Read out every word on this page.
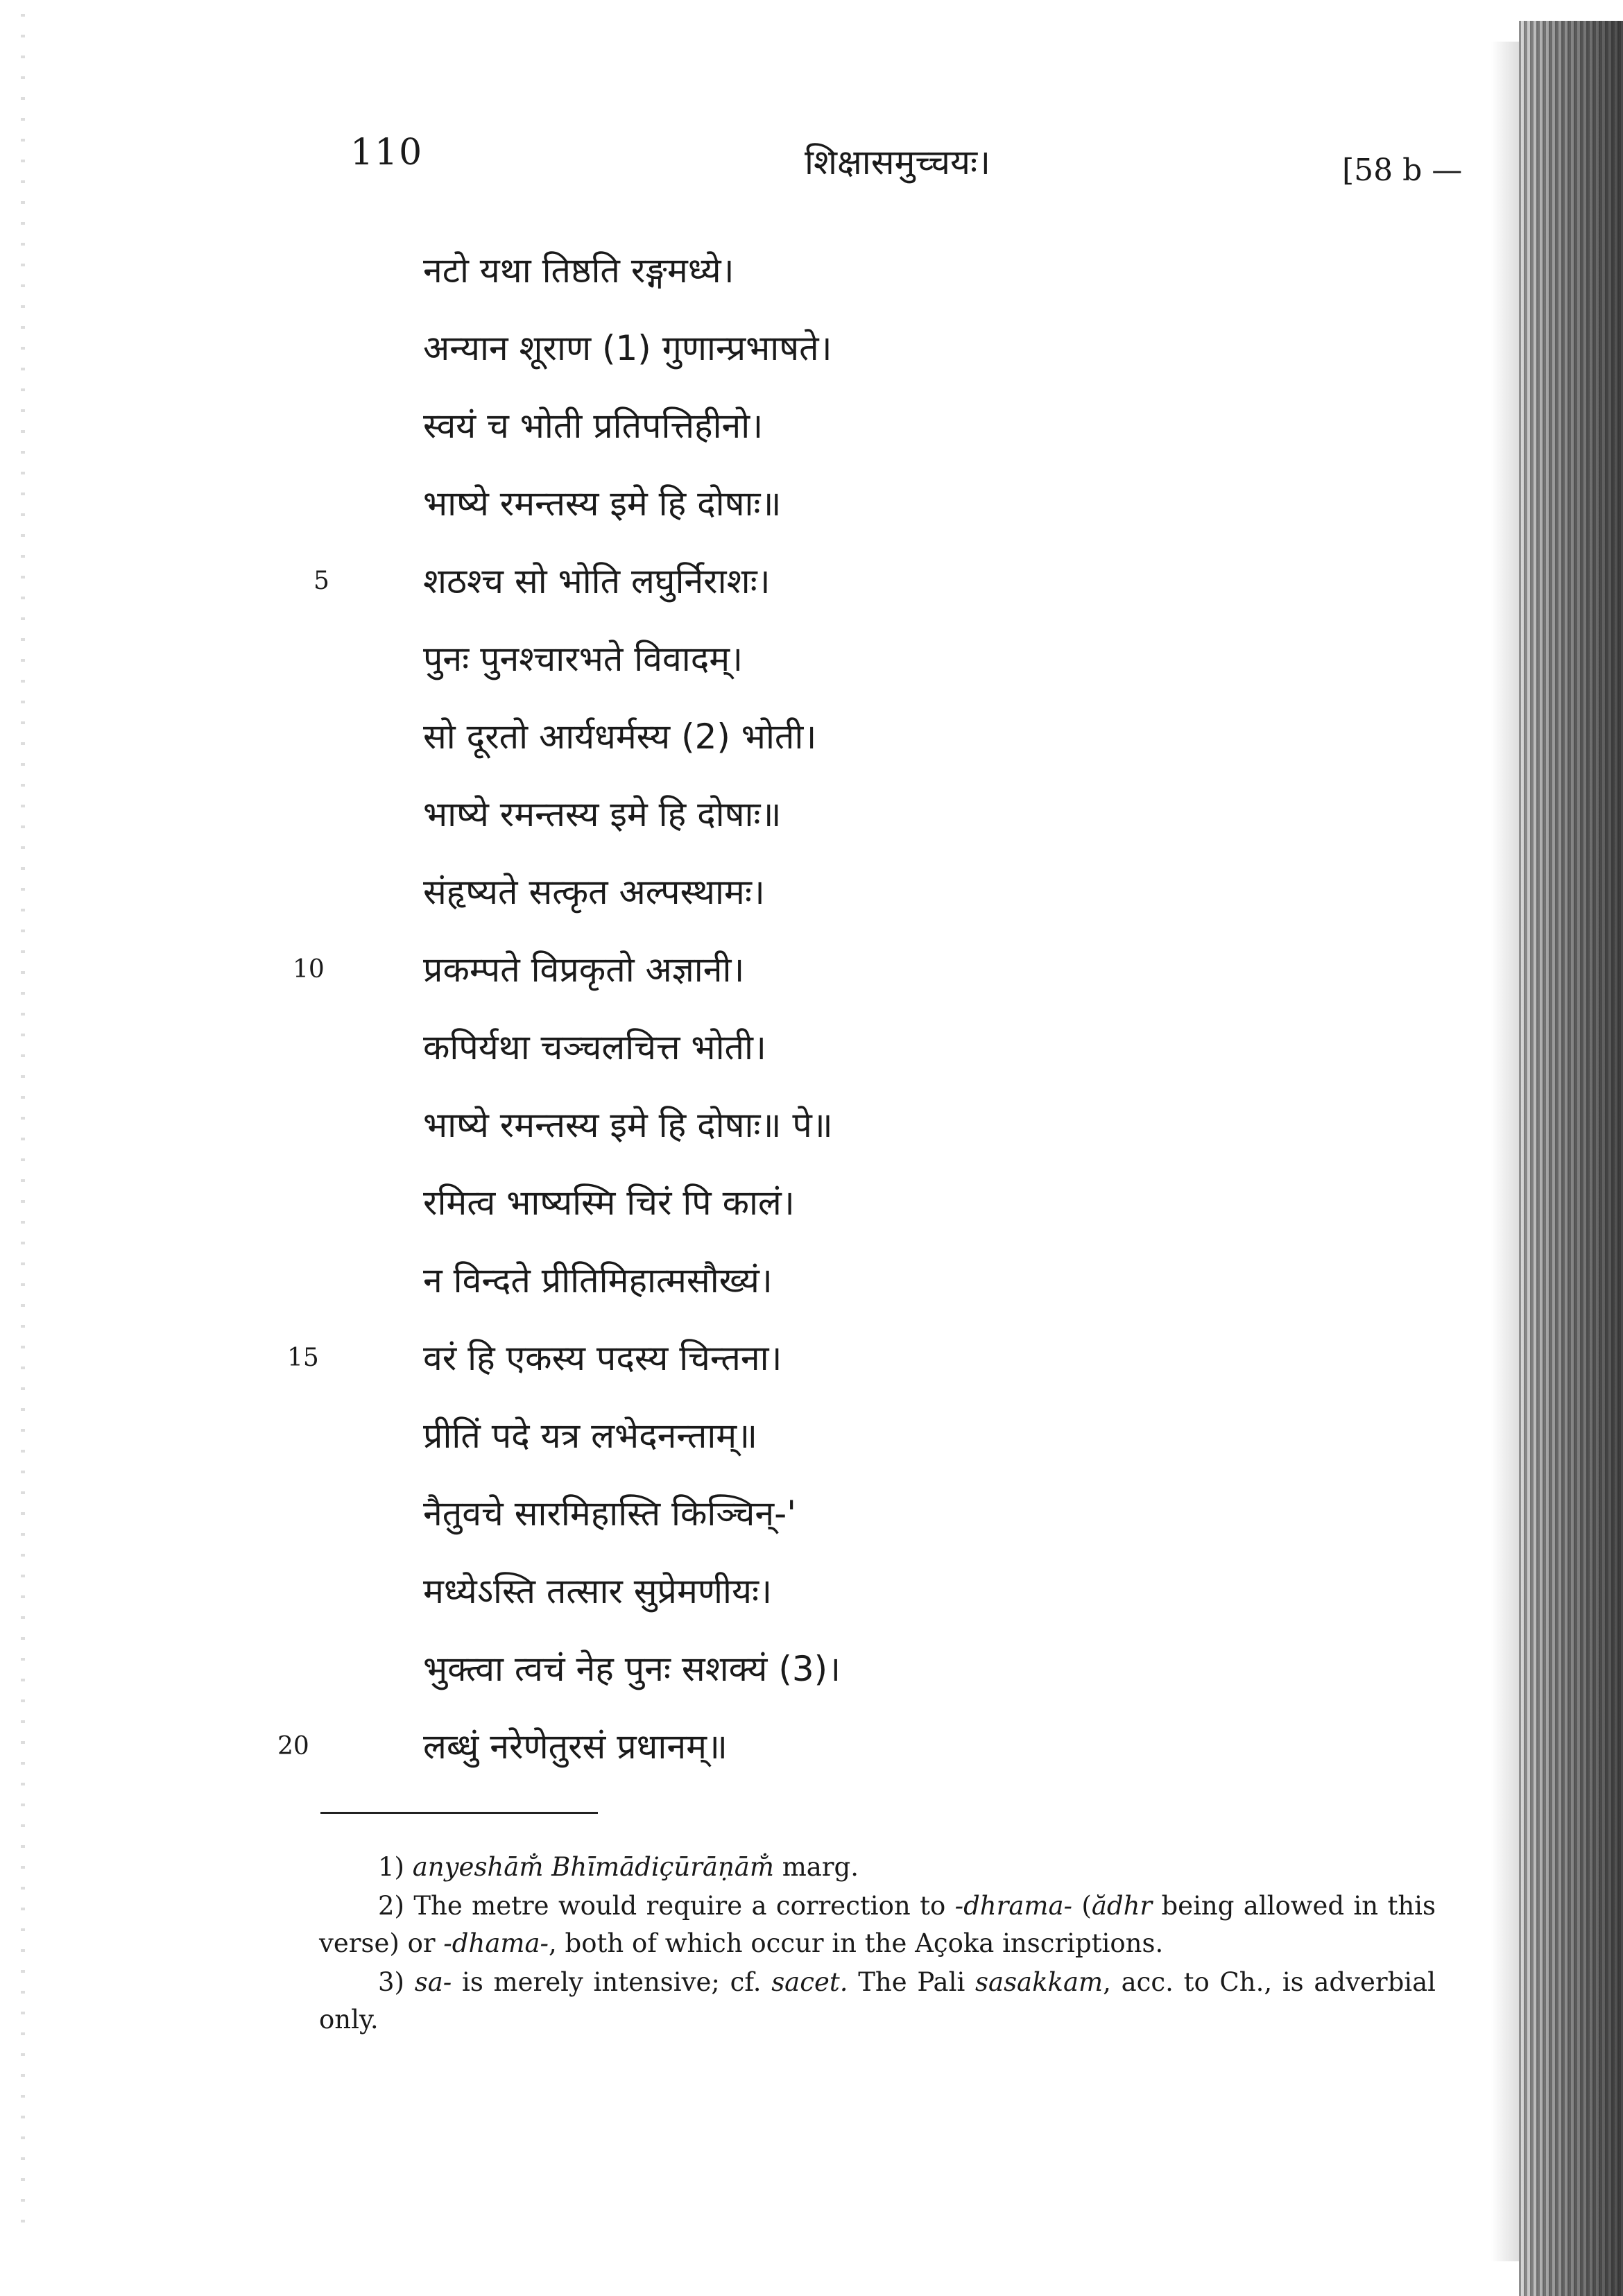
110	शिक्षासमुच्चयः।	[58 b —
नटो यथा तिष्ठति रङ्गमध्ये।
अन्यान शूराण (1) गुणान्प्रभाषते।
स्वयं च भोती प्रतिपत्तिहीनो।
भाष्ये रमन्तस्य इमे हि दोषाः॥
शठश्च सो भोति लघुर्निराशः।
पुनः पुनश्चारभते विवादम्।
सो दूरतो आर्यधर्मस्य (2) भोती।
भाष्ये रमन्तस्य इमे हि दोषाः॥
संहृष्यते सत्कृत अल्पस्थामः।
प्रकम्पते विप्रकृतो अज्ञानी।
कपिर्यथा चञ्चलचित्त भोती।
भाष्ये रमन्तस्य इमे हि दोषाः॥ पे॥
रमित्व भाष्यस्मि चिरं पि कालं।
न विन्दते प्रीतिमिहात्मसौख्यं।
वरं हि एकस्य पदस्य चिन्तना।
प्रीतिं पदे यत्र लभेदनन्ताम्॥
नैतुवचे सारमिहास्ति किञ्चिन्-'
मध्येऽस्ति तत्सार सुप्रेमणीयः।
भुक्त्वा त्वचं नेह पुनः सशक्यं (3)।
लब्धुं नरेणेतुरसं प्रधानम्॥
5
10
15
20

1) anyeshām̐ Bhīmādiçūrāṇām̐ marg.

2) The metre would require a correction to -dhrama- (ădhr being allowed in this verse) or -dhama-, both of which occur in the Açoka inscriptions.

3) sa- is merely intensive; cf. sacet. The Pali sasakkam, acc. to Ch., is adverbial only.
